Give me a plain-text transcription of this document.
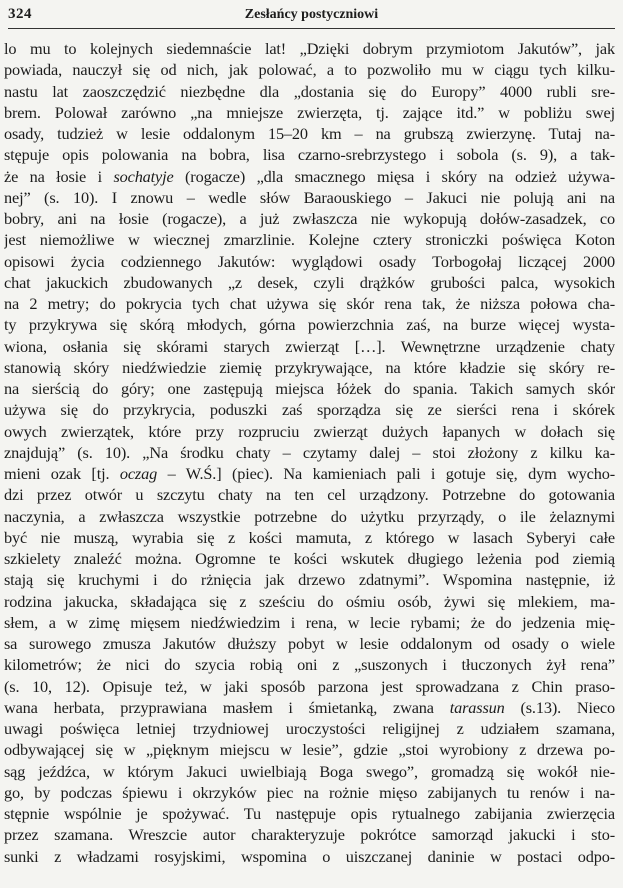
324	Zesłańcy postyczniowi
lo mu to kolejnych siedemnaście lat! „Dzięki dobrym przymiotom Jakutów”, jak
powiada, nauczył się od nich, jak polować, a to pozwoliło mu w ciągu tych kilku-
nastu lat zaoszczędzić niezbędne dla „dostania się do Europy” 4000 rubli sre-
brem. Polował zarówno „na mniejsze zwierzęta, tj. zające itd.” w pobliżu swej
osady, tudzież w lesie oddalonym 15–20 km – na grubszą zwierzynę. Tutaj na-
stępuje opis polowania na bobra, lisa czarno-srebrzystego i sobola (s. 9), a tak-
że na łosie i sochatyje (rogacze) „dla smacznego mięsa i skóry na odzież używa-
nej” (s. 10). I znowu – wedle słów Baraouskiego – Jakuci nie polują ani na
bobry, ani na łosie (rogacze), a już zwłaszcza nie wykopują dołów-zasadzek, co
jest niemożliwe w wiecznej zmarzlinie. Kolejne cztery stroniczki poświęca Koton
opisowi życia codziennego Jakutów: wyglądowi osady Torbogołaj liczącej 2000
chat jakuckich zbudowanych „z desek, czyli drążków grubości palca, wysokich
na 2 metry; do pokrycia tych chat używa się skór rena tak, że niższa połowa cha-
ty przykrywa się skórą młodych, górna powierzchnia zaś, na burze więcej wysta-
wiona, osłania się skórami starych zwierząt […]. Wewnętrzne urządzenie chaty
stanowią skóry niedźwiedzie ziemię przykrywające, na które kładzie się skóry re-
na sierścią do góry; one zastępują miejsca łóżek do spania. Takich samych skór
używa się do przykrycia, poduszki zaś sporządza się ze sierści rena i skórek
owych zwierzątek, które przy rozpruciu zwierząt dużych łapanych w dołach się
znajdują” (s. 10). „Na środku chaty – czytamy dalej – stoi złożony z kilku ka-
mieni ozak [tj. oczag – W.Ś.] (piec). Na kamieniach pali i gotuje się, dym wycho-
dzi przez otwór u szczytu chaty na ten cel urządzony. Potrzebne do gotowania
naczynia, a zwłaszcza wszystkie potrzebne do użytku przyrządy, o ile żelaznymi
być nie muszą, wyrabia się z kości mamuta, z którego w lasach Syberyi całe
szkielety znaleźć można. Ogromne te kości wskutek długiego leżenia pod ziemią
stają się kruchymi i do rżnięcia jak drzewo zdatnymi”. Wspomina następnie, iż
rodzina jakucka, składająca się z sześciu do ośmiu osób, żywi się mlekiem, ma-
słem, a w zimę mięsem niedźwiedzim i rena, w lecie rybami; że do jedzenia mię-
sa surowego zmusza Jakutów dłuższy pobyt w lesie oddalonym od osady o wiele
kilometrów; że nici do szycia robią oni z „suszonych i tłuczonych żył rena”
(s. 10, 12). Opisuje też, w jaki sposób parzona jest sprowadzana z Chin praso-
wana herbata, przyprawiana masłem i śmietanką, zwana tarassun (s.13). Nieco
uwagi poświęca letniej trzydniowej uroczystości religijnej z udziałem szamana,
odbywającej się w „pięknym miejscu w lesie”, gdzie „stoi wyrobiony z drzewa po-
sąg jeźdźca, w którym Jakuci uwielbiają Boga swego”, gromadzą się wokół nie-
go, by podczas śpiewu i okrzyków piec na rożnie mięso zabijanych tu renów i na-
stępnie wspólnie je spożywać. Tu następuje opis rytualnego zabijania zwierzęcia
przez szamana. Wreszcie autor charakteryzuje pokrótce samorząd jakucki i sto-
sunki z władzami rosyjskimi, wspomina o uiszczanej daninie w postaci odpo-
